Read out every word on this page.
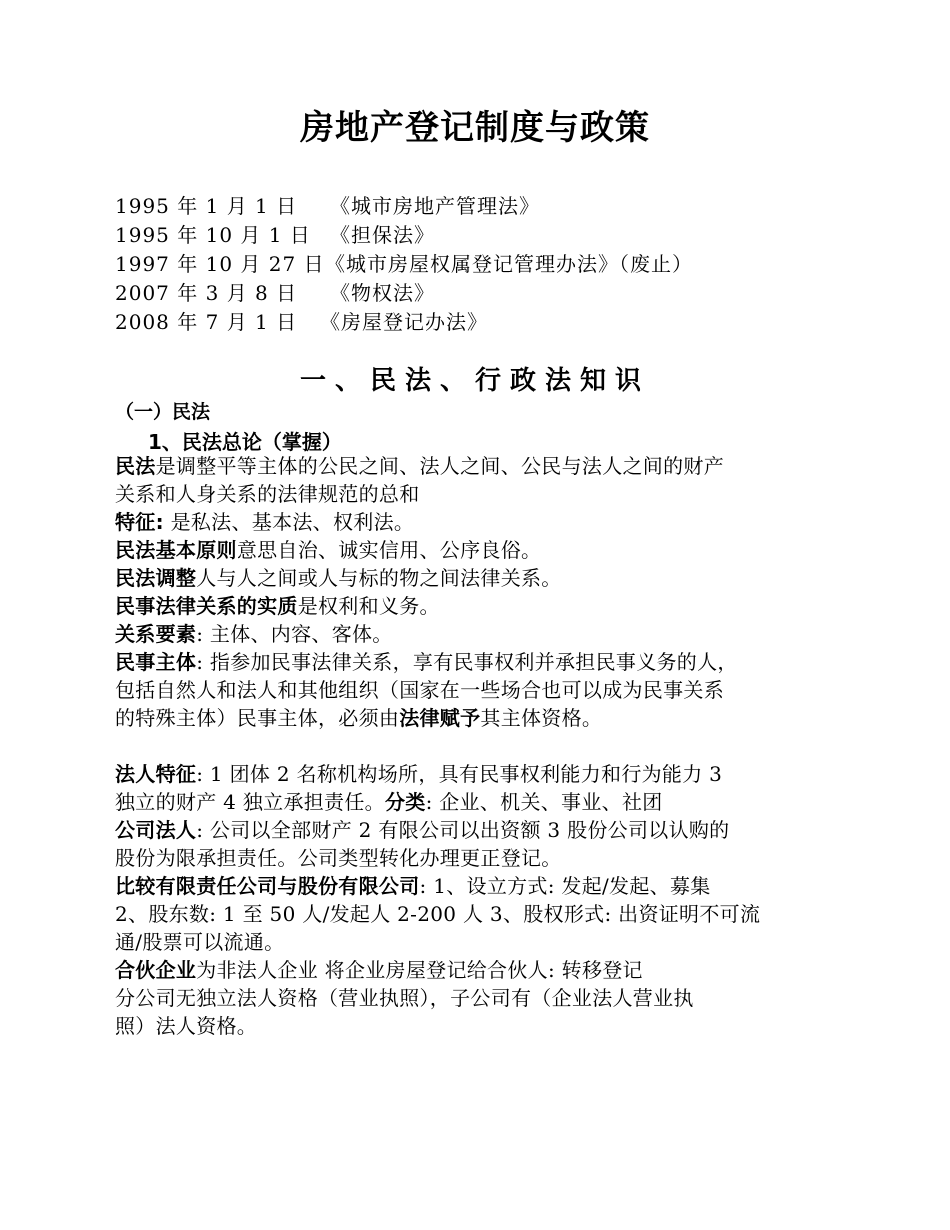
房地产登记制度与政策
1995 年 1 月 1 日 《城市房地产管理法》
1995 年 10 月 1 日 《担保法》
1997 年 10 月 27 日《城市房屋权属登记管理办法》（废止）
2007 年 3 月 8 日 《物权法》
2008 年 7 月 1 日 《房屋登记办法》
一、民法、行政法知识
（一）民法
1、民法总论（掌握）
民法是调整平等主体的公民之间、法人之间、公民与法人之间的财产
关系和人身关系的法律规范的总和
特征: 是私法、基本法、权利法。
民法基本原则意思自治、诚实信用、公序良俗。
民法调整人与人之间或人与标的物之间法律关系。
民事法律关系的实质是权利和义务。
关系要素: 主体、内容、客体。
民事主体: 指参加民事法律关系，享有民事权利并承担民事义务的人，
包括自然人和法人和其他组织（国家在一些场合也可以成为民事关系
的特殊主体）民事主体，必须由法律赋予其主体资格。
法人特征: 1 团体 2 名称机构场所，具有民事权利能力和行为能力 3
独立的财产 4 独立承担责任。分类: 企业、机关、事业、社团
公司法人: 公司以全部财产 2 有限公司以出资额 3 股份公司以认购的
股份为限承担责任。公司类型转化办理更正登记。
比较有限责任公司与股份有限公司: 1、设立方式: 发起/发起、募集
2、股东数: 1 至 50 人/发起人 2-200 人 3、股权形式: 出资证明不可流
通/股票可以流通。
合伙企业为非法人企业 将企业房屋登记给合伙人: 转移登记
分公司无独立法人资格（营业执照），子公司有（企业法人营业执
照）法人资格。
